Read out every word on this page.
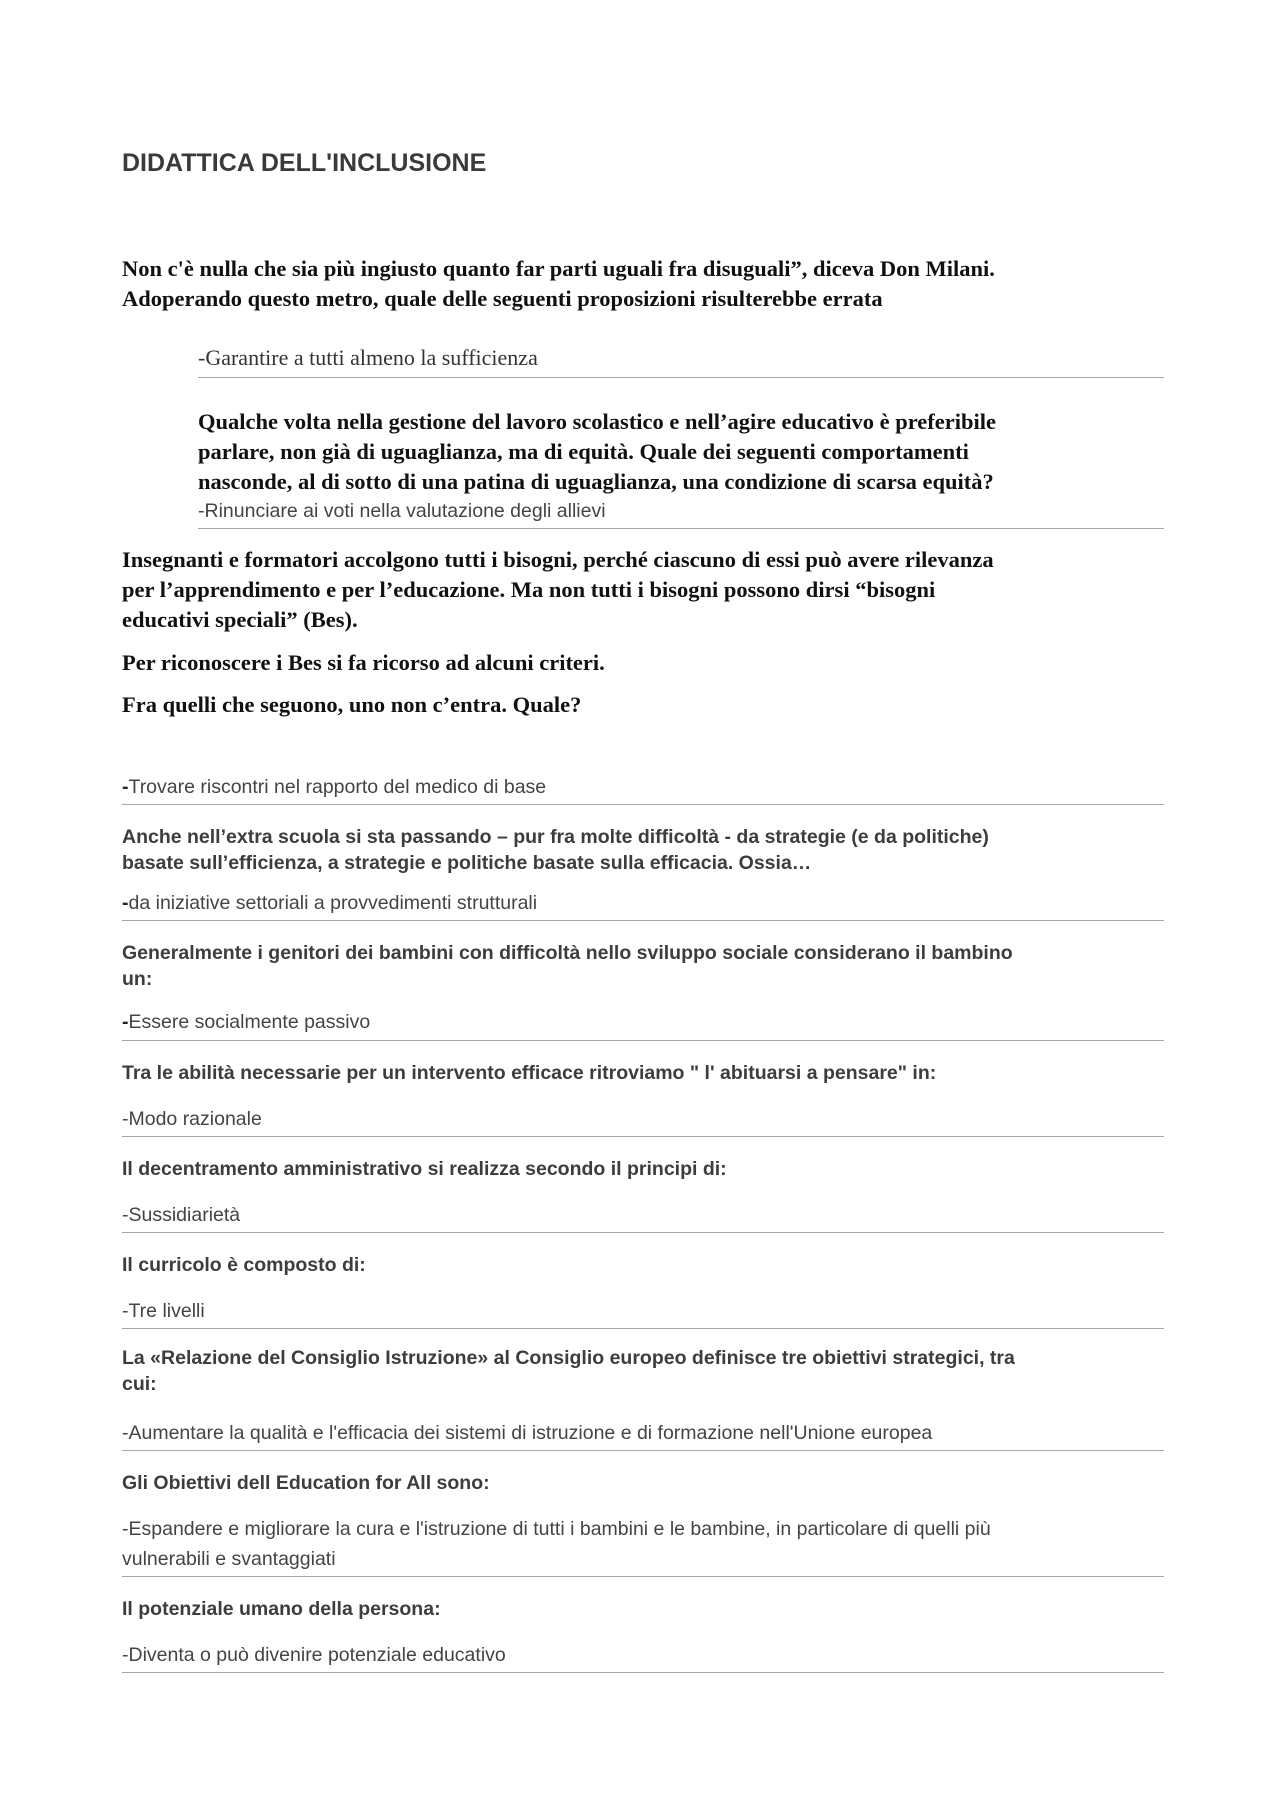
DIDATTICA DELL'INCLUSIONE
Non c'è nulla che sia più ingiusto quanto far parti uguali fra disuguali”, diceva Don Milani.
Adoperando questo metro, quale delle seguenti proposizioni risulterebbe errata
-Garantire a tutti almeno la sufficienza
Qualche volta nella gestione del lavoro scolastico e nell’agire educativo è preferibile
parlare, non già di uguaglianza, ma di equità. Quale dei seguenti comportamenti
nasconde, al di sotto di una patina di uguaglianza, una condizione di scarsa equità?
-Rinunciare ai voti nella valutazione degli allievi
Insegnanti e formatori accolgono tutti i bisogni, perché ciascuno di essi può avere rilevanza
per l’apprendimento e per l’educazione. Ma non tutti i bisogni possono dirsi “bisogni
educativi speciali” (Bes).
Per riconoscere i Bes si fa ricorso ad alcuni criteri.
Fra quelli che seguono, uno non c’entra. Quale?
-Trovare riscontri nel rapporto del medico di base
Anche nell’extra scuola si sta passando – pur fra molte difficoltà - da strategie (e da politiche)
basate sull’efficienza, a strategie e politiche basate sulla efficacia. Ossia…
-da iniziative settoriali a provvedimenti strutturali
Generalmente i genitori dei bambini con difficoltà nello sviluppo sociale considerano il bambino
un:
-Essere socialmente passivo
Tra le abilità necessarie per un intervento efficace ritroviamo " l' abituarsi a pensare" in:
-Modo razionale
Il decentramento amministrativo si realizza secondo il principi di:
-Sussidiarietà
Il curricolo è composto di:
-Tre livelli
La «Relazione del Consiglio Istruzione» al Consiglio europeo definisce tre obiettivi strategici, tra
cui:
-Aumentare la qualità e l'efficacia dei sistemi di istruzione e di formazione nell'Unione europea
Gli Obiettivi dell Education for All sono:
-Espandere e migliorare la cura e l'istruzione di tutti i bambini e le bambine, in particolare di quelli più
vulnerabili e svantaggiati
Il potenziale umano della persona:
-Diventa o può divenire potenziale educativo
